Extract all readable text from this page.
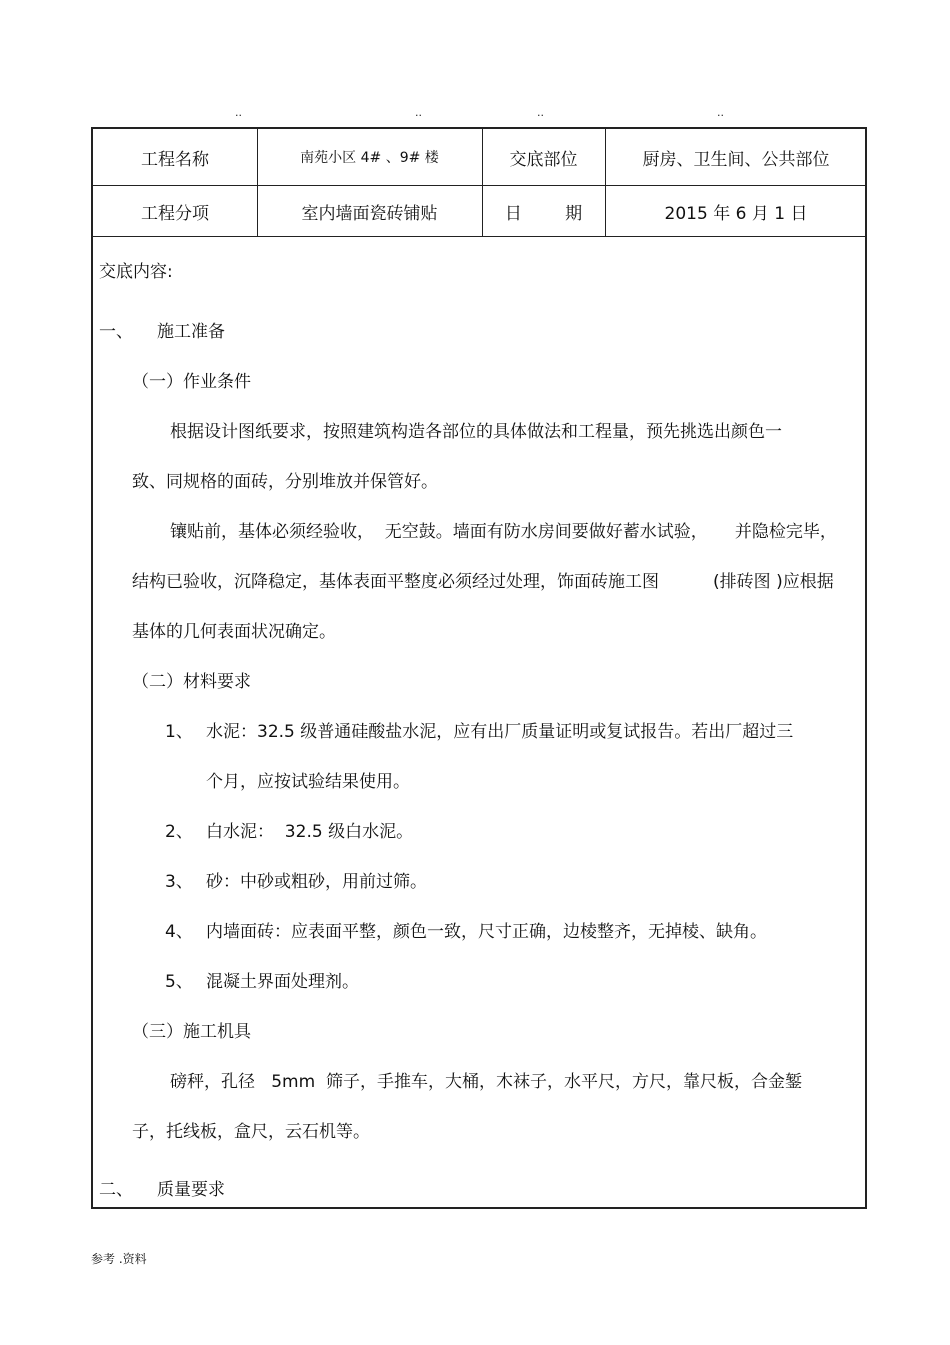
..	..	..	..
工程名称	南苑小区 4# 、9# 楼	交底部位	厨房、卫生间、公共部位
工程分项	室内墙面瓷砖铺贴	日        期	2015 年 6 月 1 日
交底内容:
一、 施工准备
（一）作业条件
根据设计图纸要求，按照建筑构造各部位的具体做法和工程量，预先挑选出颜色一
致、同规格的面砖，分别堆放并保管好。
镶贴前，基体必须经验收，  无空鼓。墙面有防水房间要做好蓄水试验，     并隐检完毕，
结构已验收，沉降稳定，基体表面平整度必须经过处理，饰面砖施工图          (排砖图 )应根据
基体的几何表面状况确定。
（二）材料要求
1、 水泥：32.5 级普通硅酸盐水泥，应有出厂质量证明或复试报告。若出厂超过三
个月，应按试验结果使用。
2、 白水泥：  32.5 级白水泥。
3、 砂：中砂或粗砂，用前过筛。
4、 内墙面砖：应表面平整，颜色一致，尺寸正确，边棱整齐，无掉棱、缺角。
5、 混凝土界面处理剂。
（三）施工机具
磅秤，孔径   5mm  筛子，手推车，大桶，木袜子，水平尺，方尺，靠尺板，合金錾
子，托线板，盒尺，云石机等。
二、 质量要求
参考 .资料
